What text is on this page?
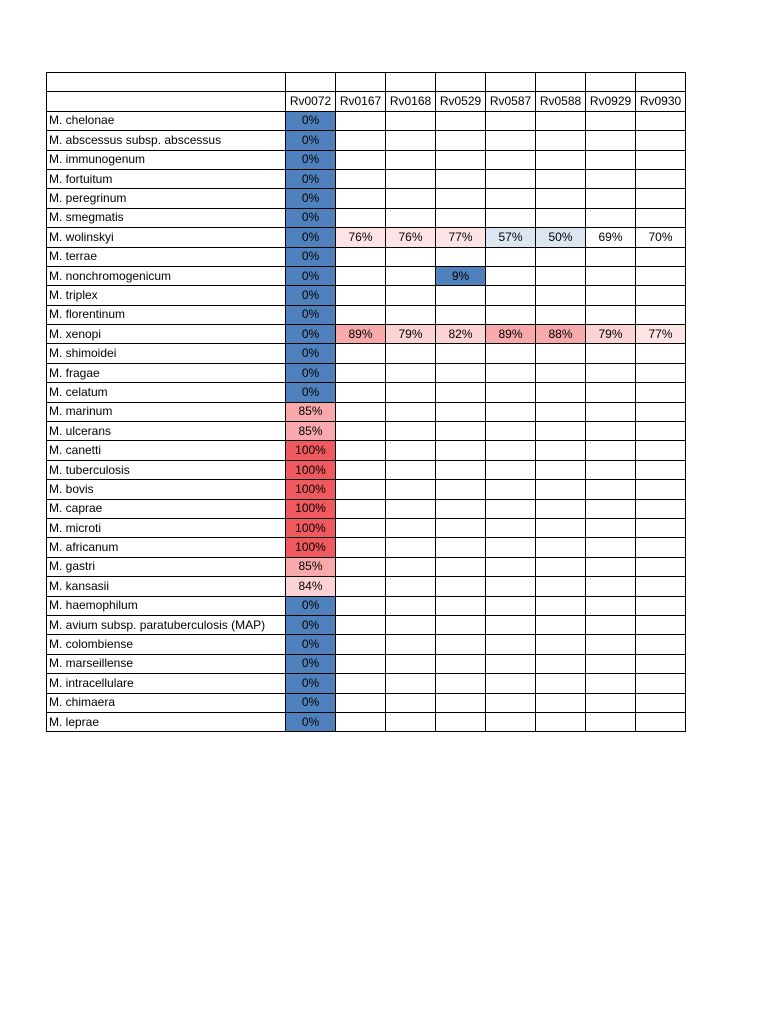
	Rv0072	Rv0167	Rv0168	Rv0529	Rv0587	Rv0588	Rv0929	Rv0930
M. chelonae	0%							
M. abscessus subsp. abscessus	0%							
M. immunogenum	0%							
M. fortuitum	0%							
M. peregrinum	0%							
M. smegmatis	0%							
M. wolinskyi	0%	76%	76%	77%	57%	50%	69%	70%
M. terrae	0%							
M. nonchromogenicum	0%			9%				
M. triplex	0%							
M. florentinum	0%							
M. xenopi	0%	89%	79%	82%	89%	88%	79%	77%
M. shimoidei	0%							
M. fragae	0%							
M. celatum	0%							
M. marinum	85%							
M. ulcerans	85%							
M. canetti	100%							
M. tuberculosis	100%							
M. bovis	100%							
M. caprae	100%							
M. microti	100%							
M. africanum	100%							
M. gastri	85%							
M. kansasii	84%							
M. haemophilum	0%							
M. avium subsp. paratuberculosis (MAP)	0%							
M. colombiense	0%							
M. marseillense	0%							
M. intracellulare	0%							
M. chimaera	0%							
M. leprae	0%							
